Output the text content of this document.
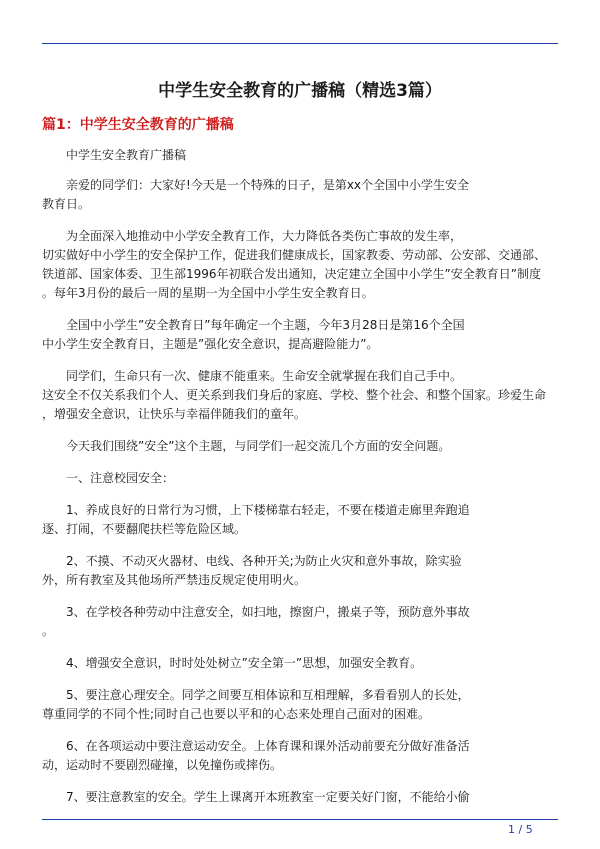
中学生安全教育的广播稿（精选3篇）
篇1：中学生安全教育的广播稿

　　中学生安全教育广播稿

　　亲爱的同学们：大家好!今天是一个特殊的日子，是第xx个全国中小学生安全
教育日。

　　为全面深入地推动中小学安全教育工作，大力降低各类伤亡事故的发生率，
切实做好中小学生的安全保护工作，促进我们健康成长，国家教委、劳动部、公安部、交通部、
铁道部、国家体委、卫生部1996年初联合发出通知，决定建立全国中小学生”安全教育日”制度
。每年3月份的最后一周的星期一为全国中小学生安全教育日。

　　全国中小学生”安全教育日”每年确定一个主题，今年3月28日是第16个全国
中小学生安全教育日，主题是”强化安全意识，提高避险能力”。

　　同学们，生命只有一次、健康不能重来。生命安全就掌握在我们自己手中。
这安全不仅关系我们个人、更关系到我们身后的家庭、学校、整个社会、和整个国家。珍爱生命
，增强安全意识，让快乐与幸福伴随我们的童年。

　　今天我们围绕”安全”这个主题，与同学们一起交流几个方面的安全问题。

　　一、注意校园安全：

　　1、养成良好的日常行为习惯，上下楼梯靠右轻走，不要在楼道走廊里奔跑追
逐、打闹，不要翻爬扶栏等危险区域。

　　2、不摸、不动灭火器材、电线、各种开关;为防止火灾和意外事故，除实验
外，所有教室及其他场所严禁违反规定使用明火。

　　3、在学校各种劳动中注意安全，如扫地，擦窗户，搬桌子等，预防意外事故
。

　　4、增强安全意识，时时处处树立”安全第一”思想，加强安全教育。

　　5、要注意心理安全。同学之间要互相体谅和互相理解，多看看别人的长处，
尊重同学的不同个性;同时自己也要以平和的心态来处理自己面对的困难。

　　6、在各项运动中要注意运动安全。上体育课和课外活动前要充分做好准备活
动，运动时不要剧烈碰撞，以免撞伤或摔伤。

　　7、要注意教室的安全。学生上课离开本班教室一定要关好门窗，不能给小偷

1 / 5
